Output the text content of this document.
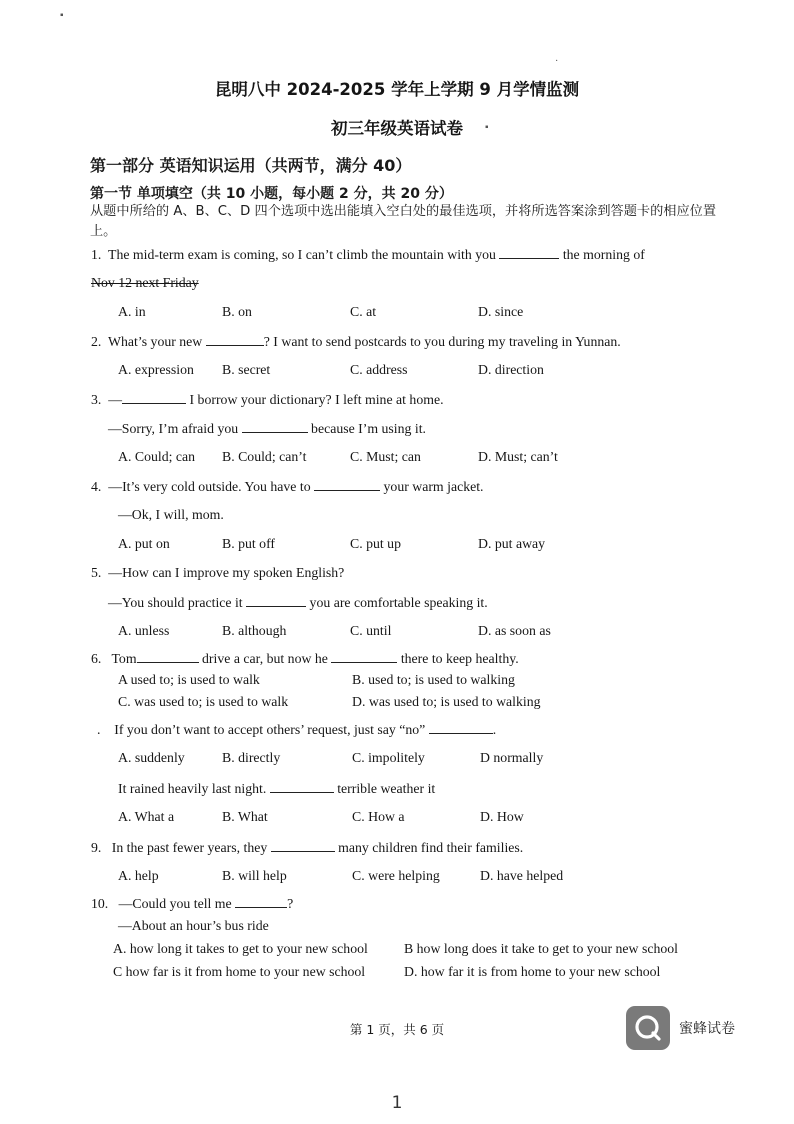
▪
·
▪
昆明八中 2024-2025 学年上学期 9 月学情监测
初三年级英语试卷
第一部分 英语知识运用（共两节，满分 40）
第一节 单项填空（共 10 小题，每小题 2 分，共 20 分）
从题中所给的 A、B、C、D 四个选项中选出能填入空白处的最佳选项，并将所选答案涂到答题卡的相应位置上。
1. The mid-term exam is coming, so I can’t climb the mountain with you	the morning of
Nov 12 next Friday
A. in	B. on	C. at	D. since
2. What’s your new	? I want to send postcards to you during my traveling in Yunnan.
A. expression B. secret	C. address	D. direction
3. —	I borrow your dictionary? I left mine at home.
—Sorry, I’m afraid you	because I’m using it.
A. Could; can B. Could; can’t	C. Must; can	D. Must; can’t
4. —It’s very cold outside. You have to	your warm jacket.
—Ok, I will, mom.
A. put on	B. put off	C. put up	D. put away
5. —How can I improve my spoken English?
—You should practice it	you are comfortable speaking it.
A. unless	B. although	C. until	D. as soon as
6. Tom	drive a car, but now he	there to keep healthy.
A used to; is used to walk	B. used to; is used to walking
C. was used to; is used to walk	D. was used to; is used to walking
. If you don’t want to accept others’ request, just say “no”	.
A. suddenly	B. directly	C. impolitely	D normally
It rained heavily last night.	terrible weather it
A. What a	B. What	C. How a	D. How
9. In the past fewer years, they	many children find their families.
A. help	B. will help	C. were helping	D. have helped
10. —Could you tell me	?
—About an hour’s bus ride
A. how long it takes to get to your new school	B how long does it take to get to your new school
C how far is it from home to your new school	D. how far it is from home to your new school
第 1 页，共 6 页	蜜蜂试卷
1
